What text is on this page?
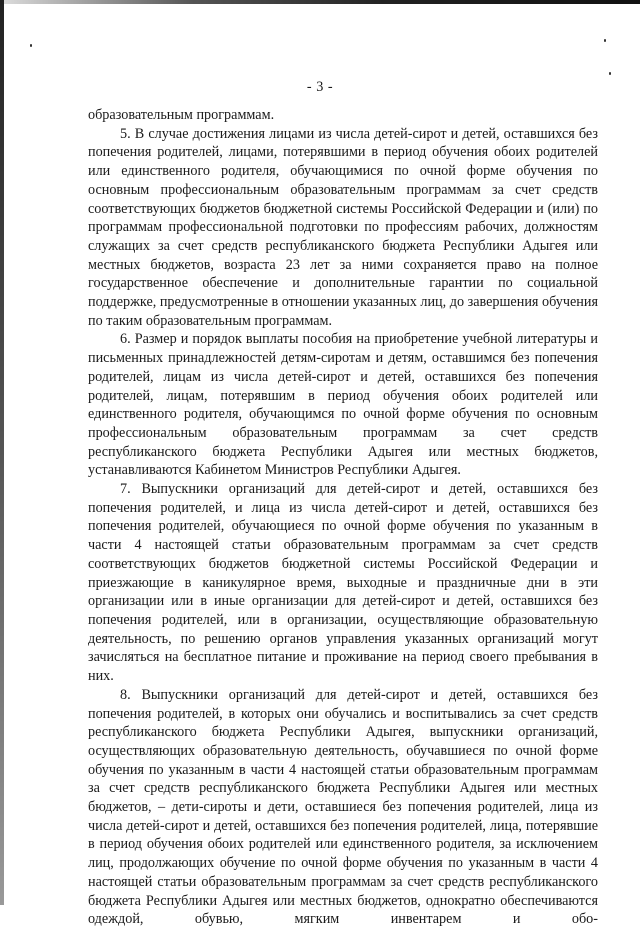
- 3 -

образовательным программам.

5. В случае достижения лицами из числа детей-сирот и детей, оставшихся без попечения родителей, лицами, потерявшими в период обучения обоих родителей или единственного родителя, обучающимися по очной форме обучения по основным профессиональным образовательным программам за счет средств соответствующих бюджетов бюджетной системы Российской Федерации и (или) по программам профессиональной подготовки по профессиям рабочих, должностям служащих за счет средств республиканского бюджета Республики Адыгея или местных бюджетов, возраста 23 лет за ними сохраняется право на полное государственное обеспечение и дополнительные гарантии по социальной поддержке, предусмотренные в отношении указанных лиц, до завершения обучения по таким образовательным программам.

6. Размер и порядок выплаты пособия на приобретение учебной литературы и письменных принадлежностей детям-сиротам и детям, оставшимся без попечения родителей, лицам из числа детей-сирот и детей, оставшихся без попечения родителей, лицам, потерявшим в период обучения обоих родителей или единственного родителя, обучающимся по очной форме обучения по основным профессиональным образовательным программам за счет средств республиканского бюджета Республики Адыгея или местных бюджетов, устанавливаются Кабинетом Министров Республики Адыгея.

7. Выпускники организаций для детей-сирот и детей, оставшихся без попечения родителей, и лица из числа детей-сирот и детей, оставшихся без попечения родителей, обучающиеся по очной форме обучения по указанным в части 4 настоящей статьи образовательным программам за счет средств соответствующих бюджетов бюджетной системы Российской Федерации и приезжающие в каникулярное время, выходные и праздничные дни в эти организации или в иные организации для детей-сирот и детей, оставшихся без попечения родителей, или в организации, осуществляющие образовательную деятельность, по решению органов управления указанных организаций могут зачисляться на бесплатное питание и проживание на период своего пребывания в них.

8. Выпускники организаций для детей-сирот и детей, оставшихся без попечения родителей, в которых они обучались и воспитывались за счет средств республиканского бюджета Республики Адыгея, выпускники организаций, осуществляющих образовательную деятельность, обучавшиеся по очной форме обучения по указанным в части 4 настоящей статьи образовательным программам за счет средств республиканского бюджета Республики Адыгея или местных бюджетов, – дети-сироты и дети, оставшиеся без попечения родителей, лица из числа детей-сирот и детей, оставшихся без попечения родителей, лица, потерявшие в период обучения обоих родителей или единственного родителя, за исключением лиц, продолжающих обучение по очной форме обучения по указанным в части 4 настоящей статьи образовательным программам за счет средств республиканского бюджета Республики Адыгея или местных бюджетов, однократно обеспечиваются одеждой, обувью, мягким инвентарем и обо-
